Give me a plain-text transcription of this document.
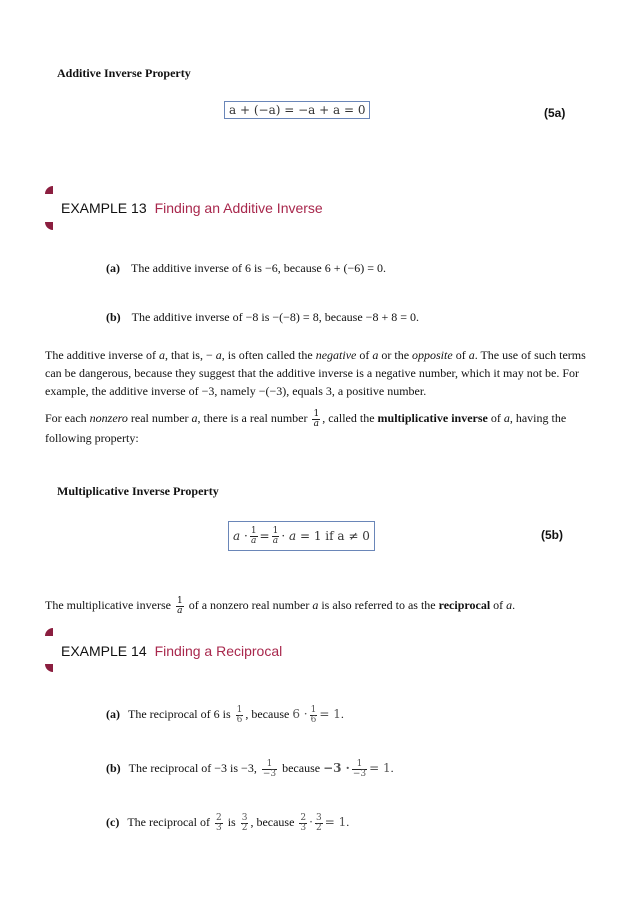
Additive Inverse Property
a + (−a) = −a + a = 0	(5a)
EXAMPLE 13 Finding an Additive Inverse
(a) The additive inverse of 6 is −6, because 6 + (−6) = 0.
(b) The additive inverse of −8 is −(−8) = 8, because −8 + 8 = 0.
The additive inverse of a, that is, − a, is often called the negative of a or the opposite of a. The use of such terms can be dangerous, because they suggest that the additive inverse is a negative number, which it may not be. For example, the additive inverse of −3, namely −(−3), equals 3, a positive number.
For each nonzero real number a, there is a real number $\frac{1}{a}$ , called the multiplicative inverse of a, having the following property:
Multiplicative Inverse Property
$a \cdot \frac{1}{a} = \frac{1}{a} \cdot a = 1$ if a ≠ 0	(5b)
The multiplicative inverse $\frac{1}{a}$ of a nonzero real number a is also referred to as the reciprocal of a.
EXAMPLE 14 Finding a Reciprocal
(a) The reciprocal of 6 is $\frac{1}{6}$ , because $6 \cdot \frac{1}{6} = 1$.
(b) The reciprocal of −3 is −3, $\frac{1}{-3}$ because $-3 \cdot \frac{1}{-3} = 1$.
(c) The reciprocal of $\frac{2}{3}$ is $\frac{3}{2}$ , because $\frac{2}{3} \cdot \frac{3}{2} = 1$.
